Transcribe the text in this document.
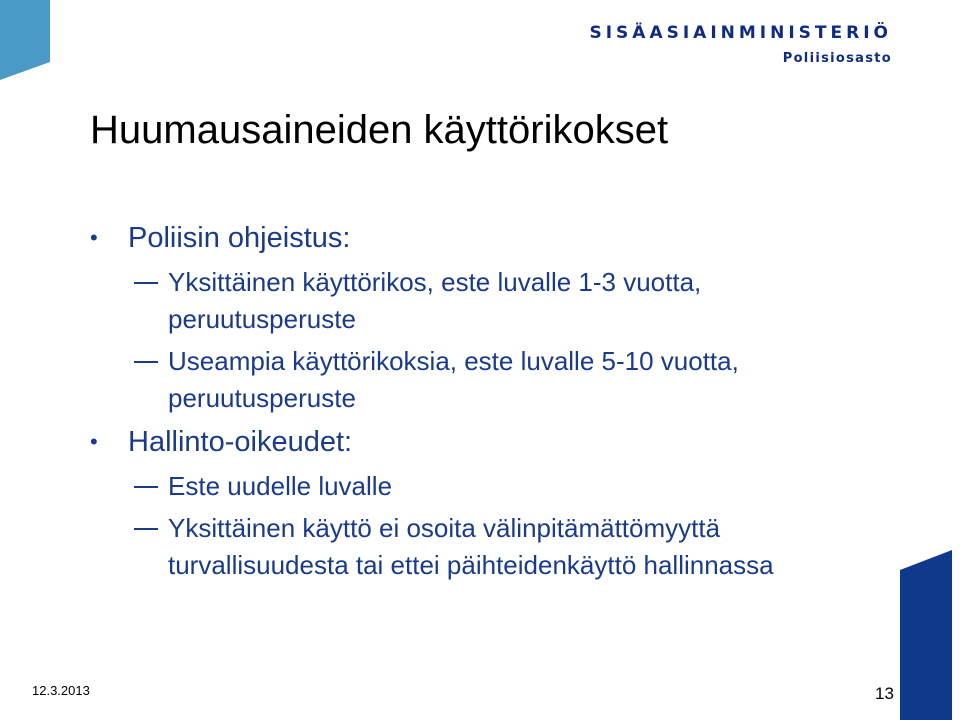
SISÄASIAINMINISTERIÖ
Poliisiosasto
Huumausaineiden käyttörikokset
• Poliisin ohjeistus:
Yksittäinen käyttörikos, este luvalle 1-3 vuotta, peruutusperuste
Useampia käyttörikoksia, este luvalle 5-10 vuotta, peruutusperuste
• Hallinto-oikeudet:
Este uudelle luvalle
Yksittäinen käyttö ei osoita välinpitämättömyyttä turvallisuudesta tai ettei päihteidenkäyttö hallinnassa
12.3.2013	13
